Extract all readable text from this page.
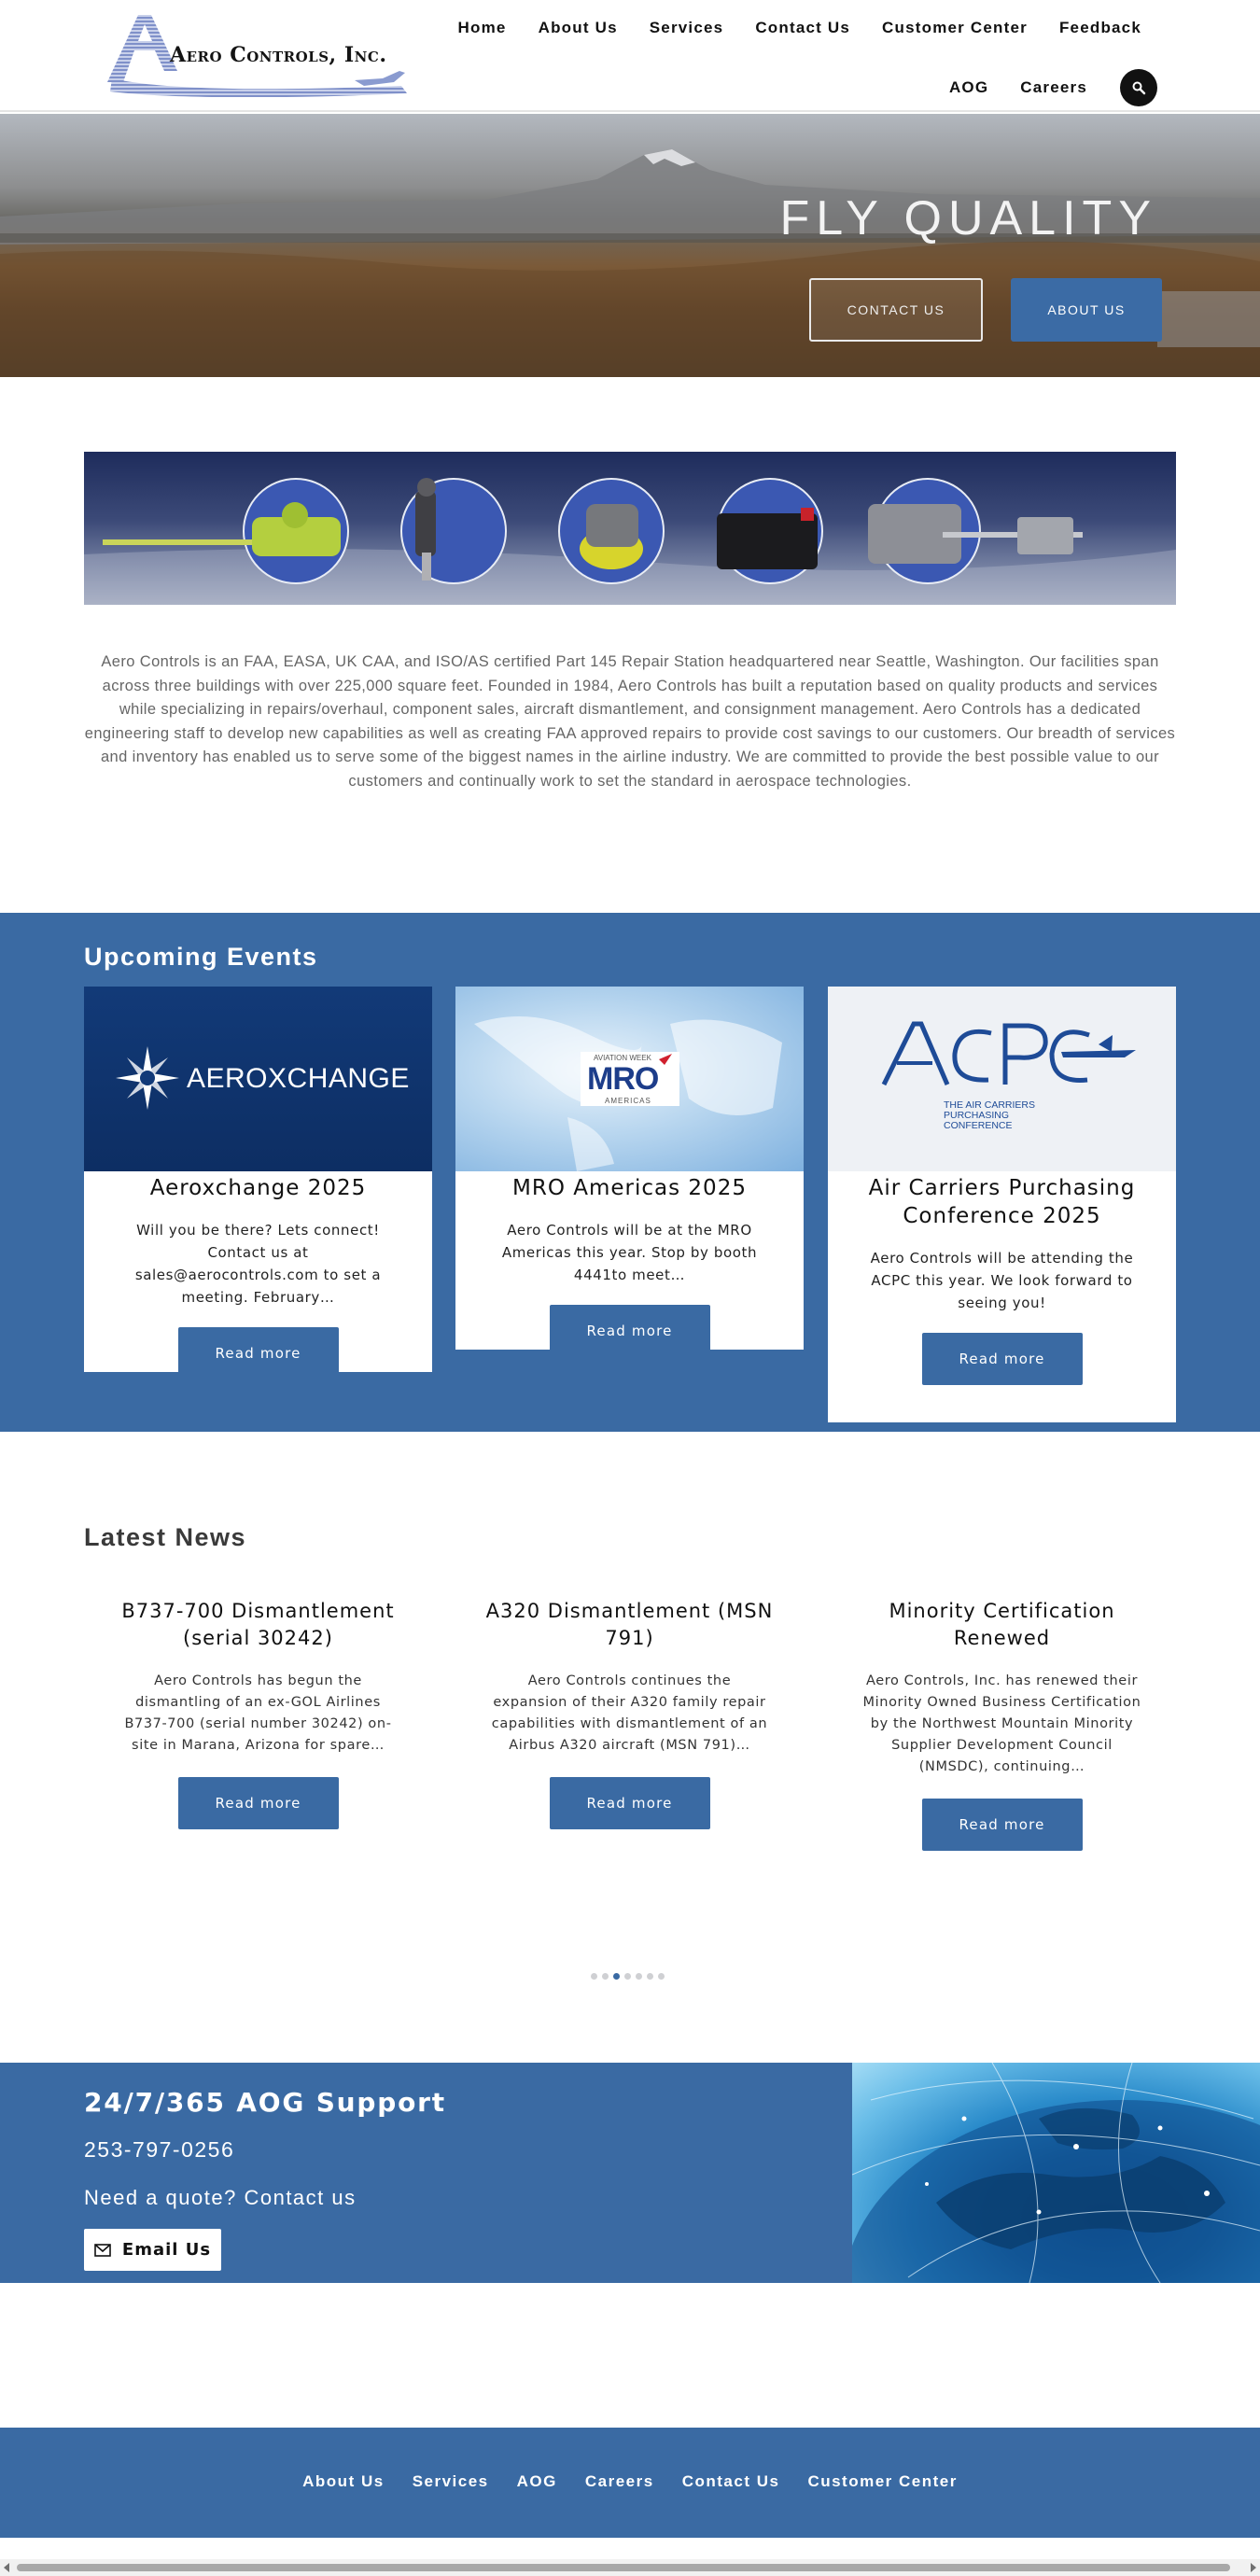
Aero Controls, Inc.
Home	About Us	Services	Contact Us	Customer Center	Feedback
AOG	Careers
FLY QUALITY
CONTACT US	ABOUT US

Aero Controls is an FAA, EASA, UK CAA, and ISO/AS certified Part 145 Repair Station headquartered near Seattle, Washington. Our facilities span across three buildings with over 225,000 square feet. Founded in 1984, Aero Controls has built a reputation based on quality products and services while specializing in repairs/overhaul, component sales, aircraft dismantlement, and consignment management. Aero Controls has a dedicated engineering staff to develop new capabilities as well as creating FAA approved repairs to provide cost savings to our customers. Our breadth of services and inventory has enabled us to serve some of the biggest names in the airline industry. We are committed to provide the best possible value to our customers and continually work to set the standard in aerospace technologies.

Upcoming Events
AEROXCHANGE
Aeroxchange 2025
Will you be there? Lets connect! Contact us at sales@aerocontrols.com to set a meeting. February…
Read more
AVIATION WEEK
MRO
AMERICAS
MRO Americas 2025
Aero Controls will be at the MRO Americas this year. Stop by booth 4441to meet…
Read more
THE AIR CARRIERS PURCHASING CONFERENCE
Air Carriers Purchasing Conference 2025
Aero Controls will be attending the ACPC this year. We look forward to seeing you!
Read more
Latest News
B737-700 Dismantlement (serial 30242)
Aero Controls has begun the dismantling of an ex-GOL Airlines B737-700 (serial number 30242) on-site in Marana, Arizona for spare…
Read more
A320 Dismantlement (MSN 791)
Aero Controls continues the expansion of their A320 family repair capabilities with dismantlement of an Airbus A320 aircraft (MSN 791)…
Read more
Minority Certification Renewed
Aero Controls, Inc. has renewed their Minority Owned Business Certification by the Northwest Mountain Minority Supplier Development Council (NMSDC), continuing…
Read more
24/7/365 AOG Support
253-797-0256
Need a quote? Contact us
Email Us
About Us	Services	AOG	Careers	Contact Us	Customer Center
